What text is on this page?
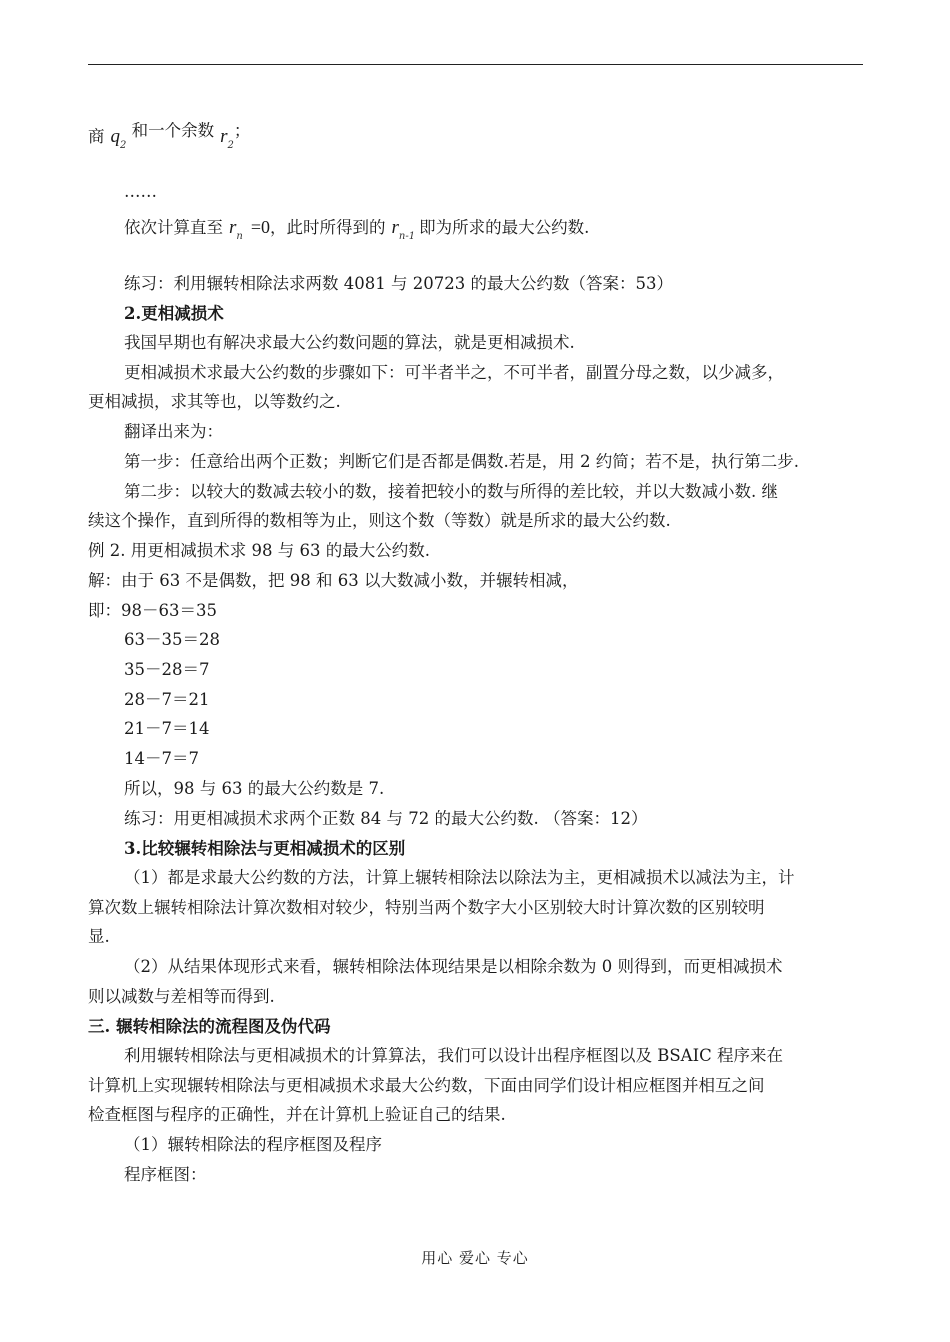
商 $q_2$ 和一个余数 $r_2$；
……
依次计算直至 $r_n =0$，此时所得到的 $r_{n-1}$ 即为所求的最大公约数.
练习：利用辗转相除法求两数 4081 与 20723 的最大公约数（答案：53）
2.更相减损术
我国早期也有解决求最大公约数问题的算法，就是更相减损术.
更相减损术求最大公约数的步骤如下：可半者半之，不可半者，副置分母之数，以少减多，
更相减损，求其等也，以等数约之.
翻译出来为：
第一步：任意给出两个正数；判断它们是否都是偶数.若是，用 2 约简；若不是，执行第二步.
第二步：以较大的数减去较小的数，接着把较小的数与所得的差比较，并以大数减小数. 继
续这个操作，直到所得的数相等为止，则这个数（等数）就是所求的最大公约数.
例 2. 用更相减损术求 98 与 63 的最大公约数.
解：由于 63 不是偶数，把 98 和 63 以大数减小数，并辗转相减，
即：98－63＝35
63－35＝28
35－28＝7
28－7＝21
21－7＝14
14－7＝7
所以，98 与 63 的最大公约数是 7.
练习：用更相减损术求两个正数 84 与 72 的最大公约数. （答案：12）
3.比较辗转相除法与更相减损术的区别
（1）都是求最大公约数的方法，计算上辗转相除法以除法为主，更相减损术以减法为主，计
算次数上辗转相除法计算次数相对较少，特别当两个数字大小区别较大时计算次数的区别较明
显.
（2）从结果体现形式来看，辗转相除法体现结果是以相除余数为 0 则得到，而更相减损术
则以减数与差相等而得到.
三. 辗转相除法的流程图及伪代码
利用辗转相除法与更相减损术的计算算法，我们可以设计出程序框图以及 BSAIC 程序来在
计算机上实现辗转相除法与更相减损术求最大公约数，下面由同学们设计相应框图并相互之间
检查框图与程序的正确性，并在计算机上验证自己的结果.
（1）辗转相除法的程序框图及程序
程序框图：
用心 爱心 专心
